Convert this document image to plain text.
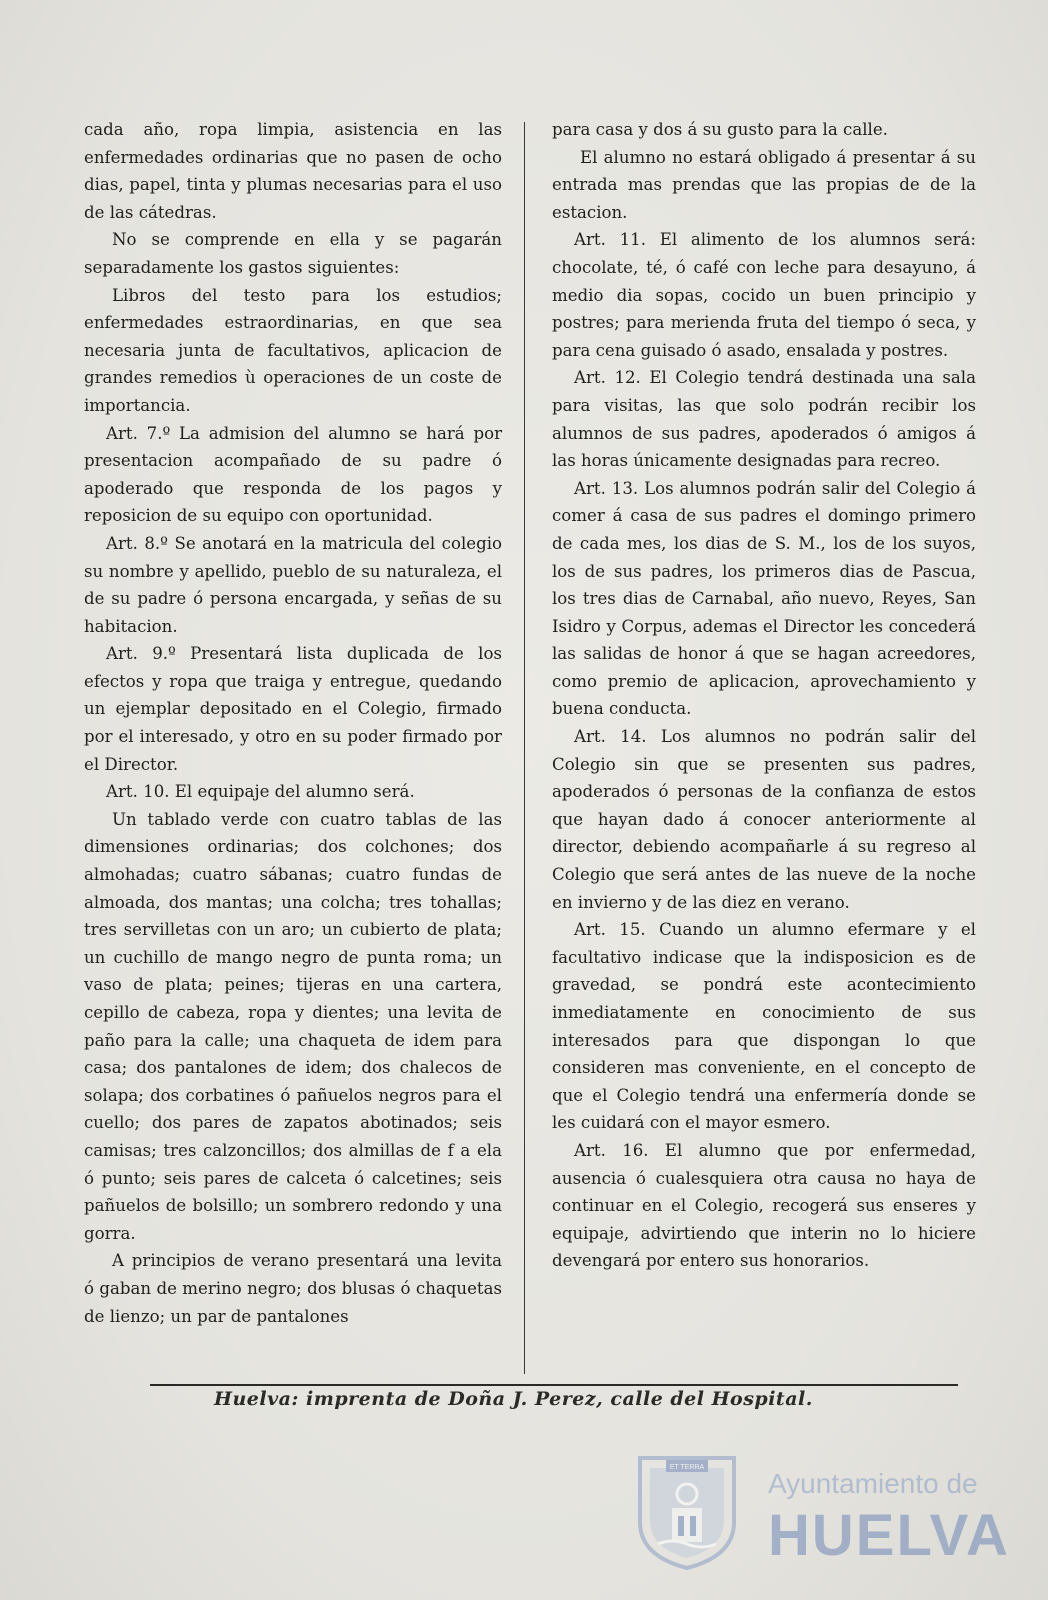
cada año, ropa limpia, asistencia en las enfermedades ordinarias que no pasen de ocho dias, papel, tinta y plumas necesarias para el uso de las cátedras.

No se comprende en ella y se pagarán separadamente los gastos siguientes:

Libros del testo para los estudios; enfermedades estraordinarias, en que sea necesaria junta de facultativos, aplicacion de grandes remedios ù operaciones de un coste de importancia.

Art. 7.º La admision del alumno se hará por presentacion acompañado de su padre ó apoderado que responda de los pagos y reposicion de su equipo con oportunidad.

Art. 8.º Se anotará en la matricula del colegio su nombre y apellido, pueblo de su naturaleza, el de su padre ó persona encargada, y señas de su habitacion.

Art. 9.º Presentará lista duplicada de los efectos y ropa que traiga y entregue, quedando un ejemplar depositado en el Colegio, firmado por el interesado, y otro en su poder firmado por el Director.

Art. 10. El equipaje del alumno será.

Un tablado verde con cuatro tablas de las dimensiones ordinarias; dos colchones; dos almohadas; cuatro sábanas; cuatro fundas de almoada, dos mantas; una colcha; tres tohallas; tres servilletas con un aro; un cubierto de plata; un cuchillo de mango negro de punta roma; un vaso de plata; peines; tijeras en una cartera, cepillo de cabeza, ropa y dientes; una levita de paño para la calle; una chaqueta de idem para casa; dos pantalones de idem; dos chalecos de solapa; dos corbatines ó pañuelos negros para el cuello; dos pares de zapatos abotinados; seis camisas; tres calzoncillos; dos almillas de f a ela ó punto; seis pares de calceta ó calcetines; seis pañuelos de bolsillo; un sombrero redondo y una gorra.

A principios de verano presentará una levita ó gaban de merino negro; dos blusas ó chaquetas de lienzo; un par de pantalones

para casa y dos á su gusto para la calle.

El alumno no estará obligado á presentar á su entrada mas prendas que las propias de de la estacion.

Art. 11. El alimento de los alumnos será: chocolate, té, ó café con leche para desayuno, á medio dia sopas, cocido un buen principio y postres; para merienda fruta del tiempo ó seca, y para cena guisado ó asado, ensalada y postres.

Art. 12. El Colegio tendrá destinada una sala para visitas, las que solo podrán recibir los alumnos de sus padres, apoderados ó amigos á las horas únicamente designadas para recreo.

Art. 13. Los alumnos podrán salir del Colegio á comer á casa de sus padres el domingo primero de cada mes, los dias de S. M., los de los suyos, los de sus padres, los primeros dias de Pascua, los tres dias de Carnabal, año nuevo, Reyes, San Isidro y Corpus, ademas el Director les concederá las salidas de honor á que se hagan acreedores, como premio de aplicacion, aprovechamiento y buena conducta.

Art. 14. Los alumnos no podrán salir del Colegio sin que se presenten sus padres, apoderados ó personas de la confianza de estos que hayan dado á conocer anteriormente al director, debiendo acompañarle á su regreso al Colegio que será antes de las nueve de la noche en invierno y de las diez en verano.

Art. 15. Cuando un alumno efermare y el facultativo indicase que la indisposicion es de gravedad, se pondrá este acontecimiento inmediatamente en conocimiento de sus interesados para que dispongan lo que consideren mas conveniente, en el concepto de que el Colegio tendrá una enfermería donde se les cuidará con el mayor esmero.

Art. 16. El alumno que por enfermedad, ausencia ó cualesquiera otra causa no haya de continuar en el Colegio, recogerá sus enseres y equipaje, advirtiendo que interin no lo hiciere devengará por entero sus honorarios.

Huelva: imprenta de Doña J. Perez, calle del Hospital.
ET TERRA
Ayuntamiento de
HUELVA
